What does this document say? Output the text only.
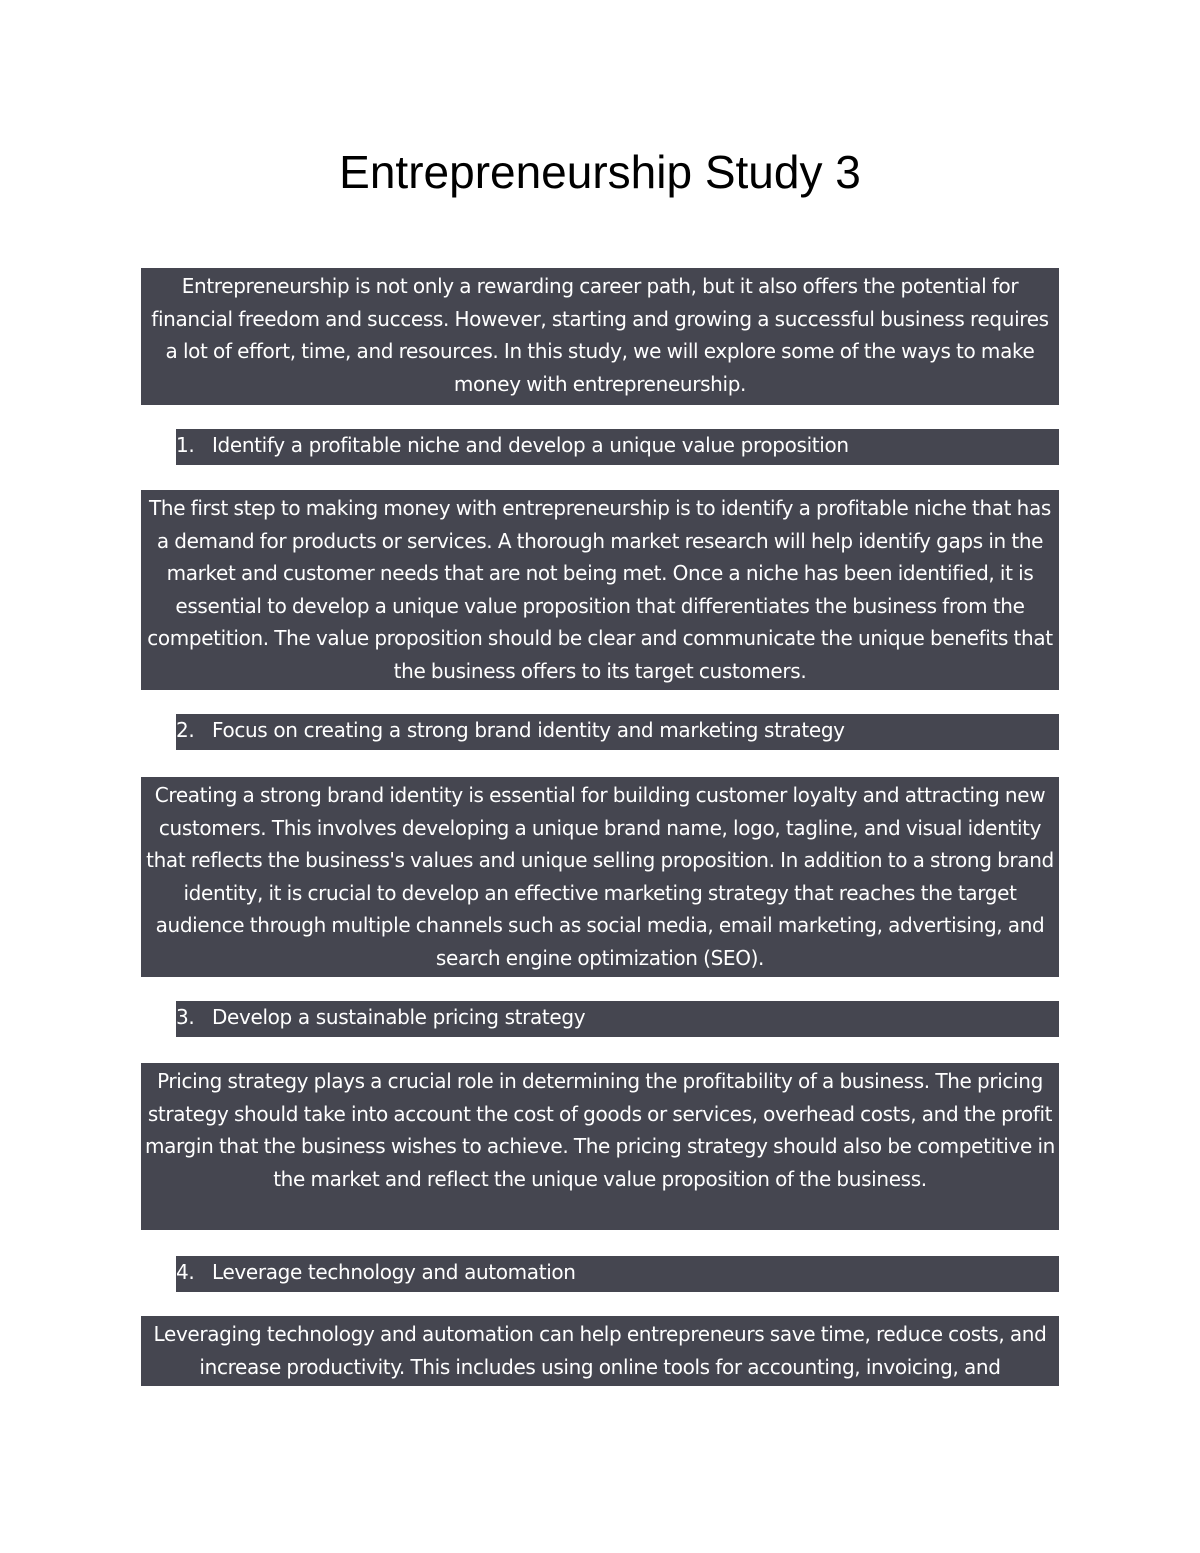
Entrepreneurship Study 3
Entrepreneurship is not only a rewarding career path, but it also offers the potential for financial freedom and success. However, starting and growing a successful business requires a lot of effort, time, and resources. In this study, we will explore some of the ways to make money with entrepreneurship.
1. Identify a profitable niche and develop a unique value proposition
The first step to making money with entrepreneurship is to identify a profitable niche that has a demand for products or services. A thorough market research will help identify gaps in the market and customer needs that are not being met. Once a niche has been identified, it is essential to develop a unique value proposition that differentiates the business from the competition. The value proposition should be clear and communicate the unique benefits that the business offers to its target customers.
2. Focus on creating a strong brand identity and marketing strategy
Creating a strong brand identity is essential for building customer loyalty and attracting new customers. This involves developing a unique brand name, logo, tagline, and visual identity that reflects the business's values and unique selling proposition. In addition to a strong brand identity, it is crucial to develop an effective marketing strategy that reaches the target audience through multiple channels such as social media, email marketing, advertising, and search engine optimization (SEO).
3. Develop a sustainable pricing strategy
Pricing strategy plays a crucial role in determining the profitability of a business. The pricing strategy should take into account the cost of goods or services, overhead costs, and the profit margin that the business wishes to achieve. The pricing strategy should also be competitive in the market and reflect the unique value proposition of the business.
4. Leverage technology and automation
Leveraging technology and automation can help entrepreneurs save time, reduce costs, and increase productivity. This includes using online tools for accounting, invoicing, and
